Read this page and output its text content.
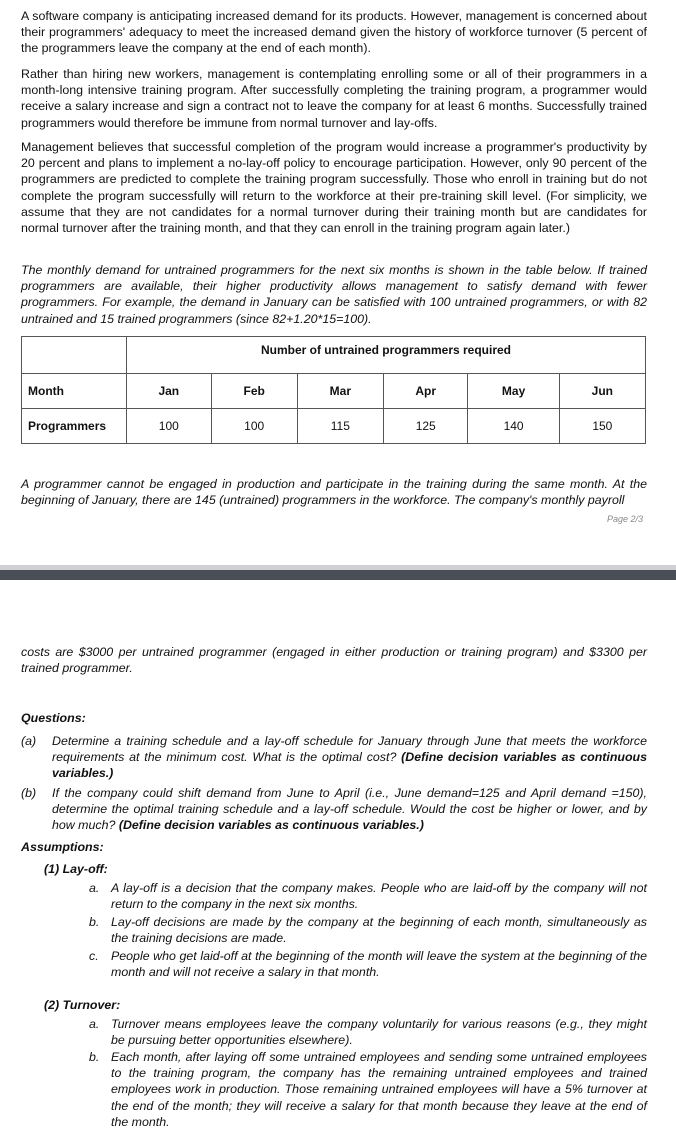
A software company is anticipating increased demand for its products. However, management is concerned about their programmers' adequacy to meet the increased demand given the history of workforce turnover (5 percent of the programmers leave the company at the end of each month).

Rather than hiring new workers, management is contemplating enrolling some or all of their programmers in a month-long intensive training program. After successfully completing the training program, a programmer would receive a salary increase and sign a contract not to leave the company for at least 6 months. Successfully trained programmers would therefore be immune from normal turnover and lay-offs.

Management believes that successful completion of the program would increase a programmer's productivity by 20 percent and plans to implement a no-lay-off policy to encourage participation. However, only 90 percent of the programmers are predicted to complete the training program successfully. Those who enroll in training but do not complete the program successfully will return to the workforce at their pre-training skill level. (For simplicity, we assume that they are not candidates for a normal turnover during their training month but are candidates for normal turnover after the training month, and that they can enroll in the training program again later.)

The monthly demand for untrained programmers for the next six months is shown in the table below. If trained programmers are available, their higher productivity allows management to satisfy demand with fewer programmers. For example, the demand in January can be satisfied with 100 untrained programmers, or with 82 untrained and 15 trained programmers (since 82+1.20*15=100).

	Number of untrained programmers required					
Month	Jan	Feb	Mar	Apr	May	Jun
Programmers	100	100	115	125	140	150

A programmer cannot be engaged in production and participate in the training during the same month. At the beginning of January, there are 145 (untrained) programmers in the workforce. The company's monthly payroll

Page 2/3

costs are $3000 per untrained programmer (engaged in either production or training program) and $3300 per trained programmer.

Questions:
(a) Determine a training schedule and a lay-off schedule for January through June that meets the workforce requirements at the minimum cost. What is the optimal cost? (Define decision variables as continuous variables.)
(b) If the company could shift demand from June to April (i.e., June demand=125 and April demand =150), determine the optimal training schedule and a lay-off schedule. Would the cost be higher or lower, and by how much? (Define decision variables as continuous variables.)
Assumptions:
(1) Lay-off:
a. A lay-off is a decision that the company makes. People who are laid-off by the company will not return to the company in the next six months.
b. Lay-off decisions are made by the company at the beginning of each month, simultaneously as the training decisions are made.
c. People who get laid-off at the beginning of the month will leave the system at the beginning of the month and will not receive a salary in that month.
(2) Turnover:
a. Turnover means employees leave the company voluntarily for various reasons (e.g., they might be pursuing better opportunities elsewhere).
b. Each month, after laying off some untrained employees and sending some untrained employees to the training program, the company has the remaining untrained employees and trained employees work in production. Those remaining untrained employees will have a 5% turnover at the end of the month; they will receive a salary for that month because they leave at the end of the month.
